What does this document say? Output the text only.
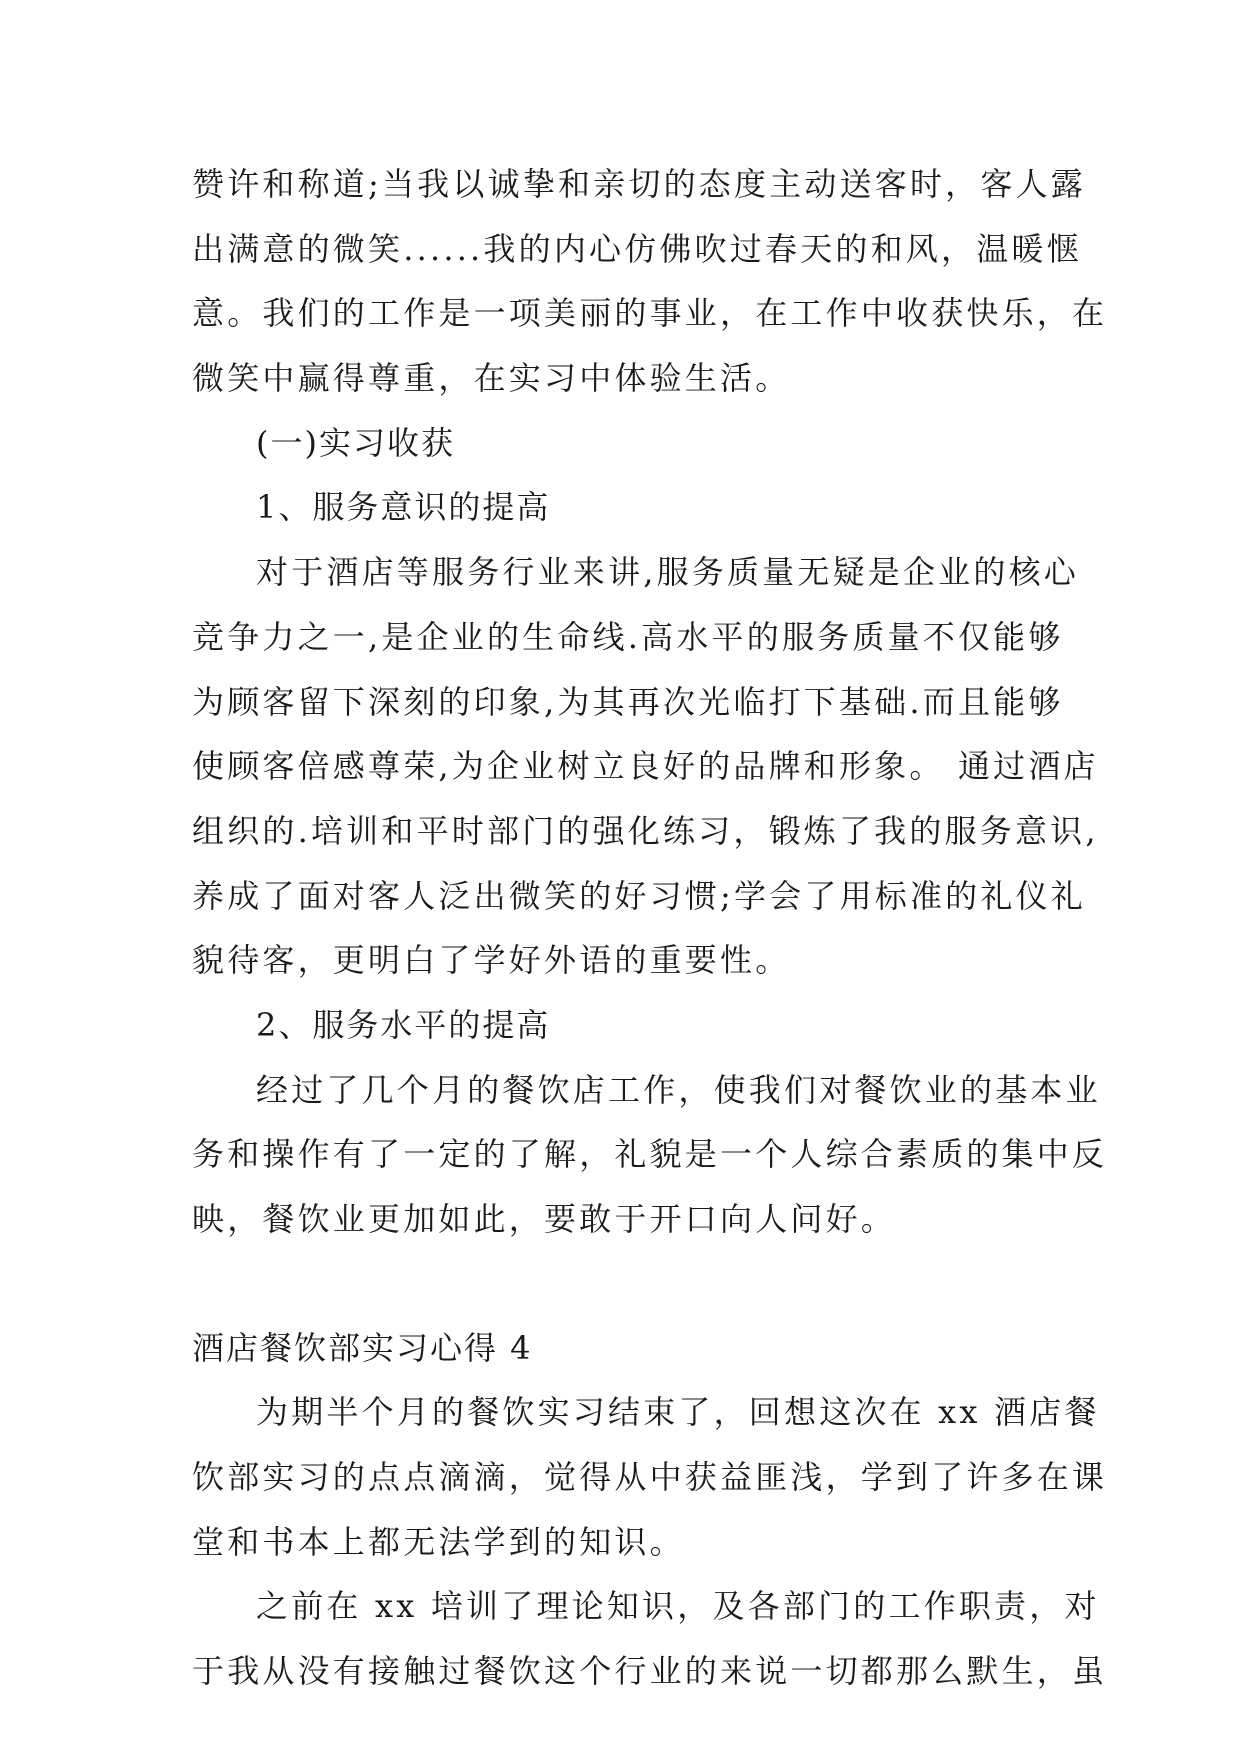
赞许和称道;当我以诚挚和亲切的态度主动送客时，客人露
出满意的微笑......我的内心仿佛吹过春天的和风，温暖惬
意。我们的工作是一项美丽的事业，在工作中收获快乐，在
微笑中赢得尊重，在实习中体验生活。
(一)实习收获
1、服务意识的提高
对于酒店等服务行业来讲,服务质量无疑是企业的核心
竞争力之一,是企业的生命线.高水平的服务质量不仅能够
为顾客留下深刻的印象,为其再次光临打下基础.而且能够
使顾客倍感尊荣,为企业树立良好的品牌和形象。 通过酒店
组织的.培训和平时部门的强化练习，锻炼了我的服务意识,
养成了面对客人泛出微笑的好习惯;学会了用标准的礼仪礼
貌待客，更明白了学好外语的重要性。
2、服务水平的提高
经过了几个月的餐饮店工作，使我们对餐饮业的基本业
务和操作有了一定的了解，礼貌是一个人综合素质的集中反
映，餐饮业更加如此，要敢于开口向人问好。
酒店餐饮部实习心得 4
为期半个月的餐饮实习结束了，回想这次在 xx 酒店餐
饮部实习的点点滴滴，觉得从中获益匪浅，学到了许多在课
堂和书本上都无法学到的知识。
之前在 xx 培训了理论知识，及各部门的工作职责，对
于我从没有接触过餐饮这个行业的来说一切都那么默生，虽
